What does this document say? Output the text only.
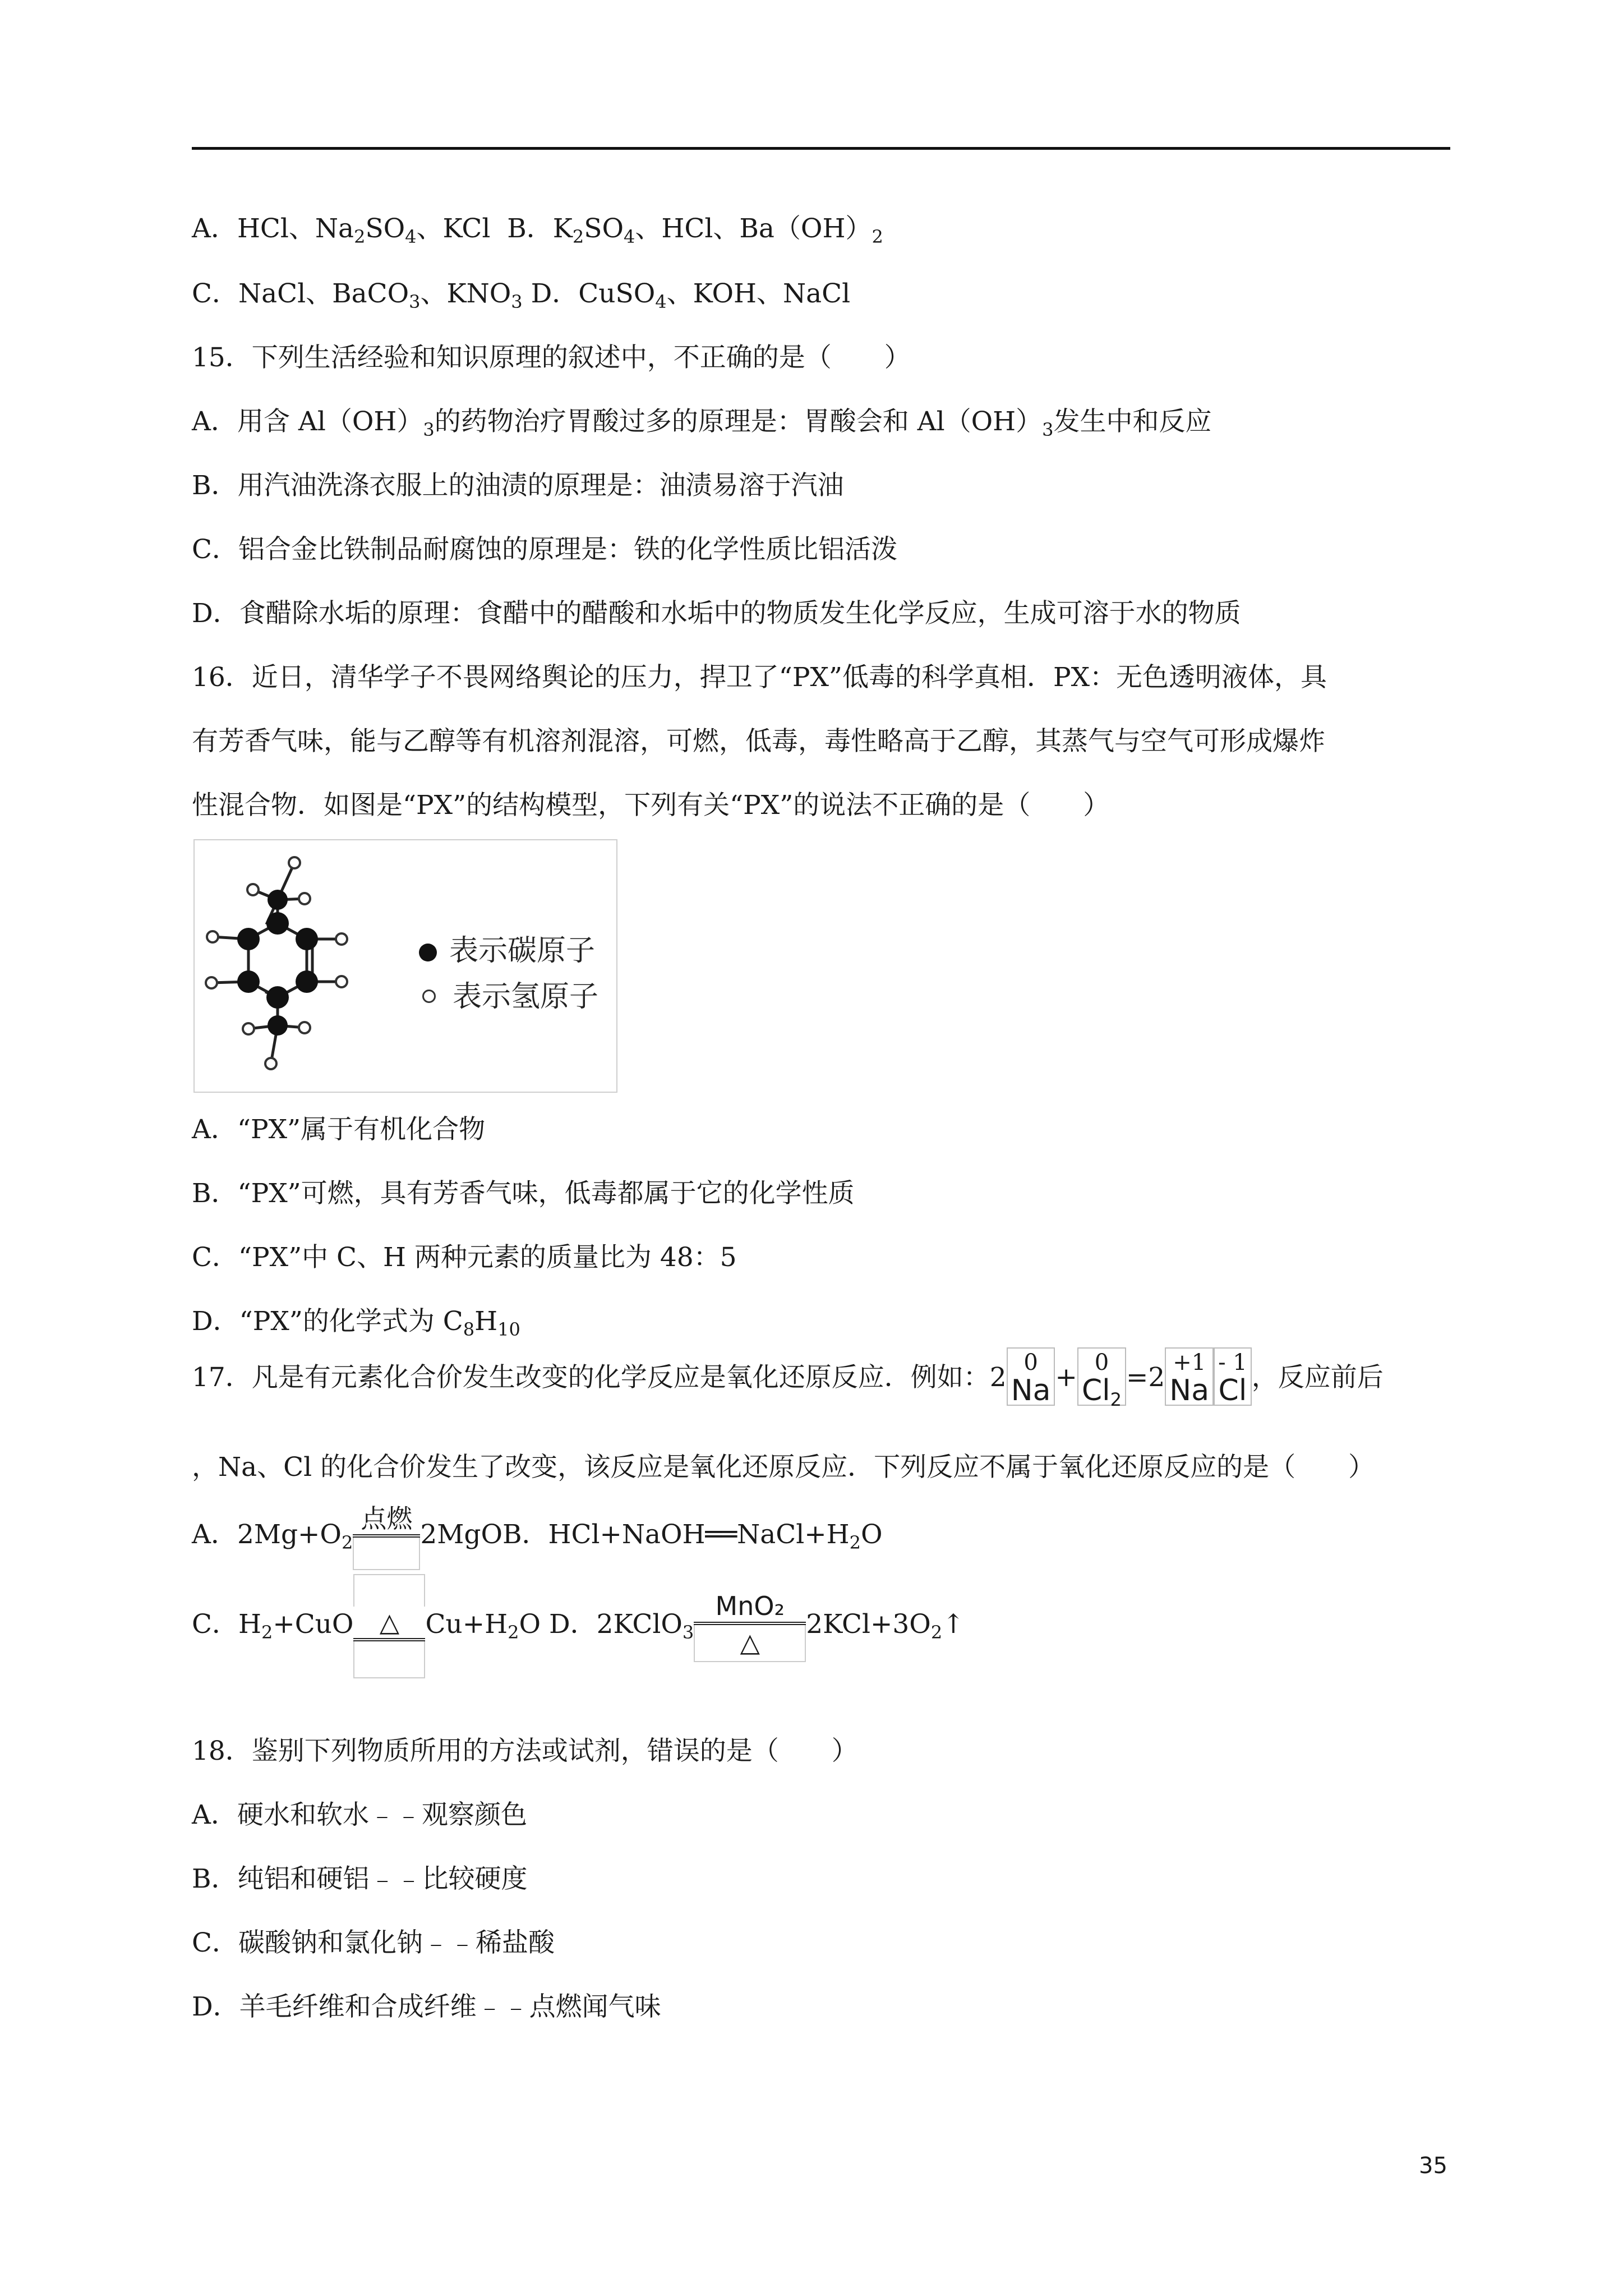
A．HCl、$Na_2SO_4$、KCl B．$K_2SO_4$、HCl、$Ba(OH)_2$
C．NaCl、BaCO$_3$、$KNO_3$ D．CuSO$_4$、KOH、NaCl
15．下列生活经验和知识原理的叙述中，不正确的是（　　）
A．用含 $Al(OH)_3$的药物治疗胃酸过多的原理是：胃酸会和 $Al(OH)_3$发生中和反应
B．用汽油洗涤衣服上的油渍的原理是：油渍易溶于汽油
C．铝合金比铁制品耐腐蚀的原理是：铁的化学性质比铝活泼
D．食醋除水垢的原理：食醋中的醋酸和水垢中的物质发生化学反应，生成可溶于水的物质
16．近日，清华学子不畏网络舆论的压力，捍卫了“PX”低毒的科学真相．PX：无色透明液体，具
有芳香气味，能与乙醇等有机溶剂混溶，可燃，低毒，毒性略高于乙醇，其蒸气与空气可形成爆炸
性混合物．如图是“PX”的结构模型，下列有关“PX”的说法不正确的是（　　）
表示碳原子
表示氢原子
A．“PX”属于有机化合物
B．“PX”可燃，具有芳香气味，低毒都属于它的化学性质
C．“PX”中 C、H 两种元素的质量比为 48：5
D．“PX”的化学式为 $C_8H_{10}$
17．凡是有元素化合价发生改变的化学反应是氧化还原反应．例如：2 0
Na + 0
$Cl_2$
=2 +1
Na
- 1
Cl ，反应前后
，Na、Cl 的化合价发生了改变，该反应是氧化还原反应．下列反应不属于氧化还原反应的是（　　）
A．$2Mg+O_2$
点燃
2MgOB．$HCl+NaOH══NaCl+H_2O$
C．$H_2+CuO$	△ $Cu+H_2O$ D．2KClO$_3$
MnO₂
△
$2KCl+3O_2↑$
18．鉴别下列物质所用的方法或试剂，错误的是（　　）
A．硬水和软水﹣﹣观察颜色
B．纯铝和硬铝﹣﹣比较硬度
C．碳酸钠和氯化钠﹣﹣稀盐酸
D．羊毛纤维和合成纤维﹣﹣点燃闻气味
35
